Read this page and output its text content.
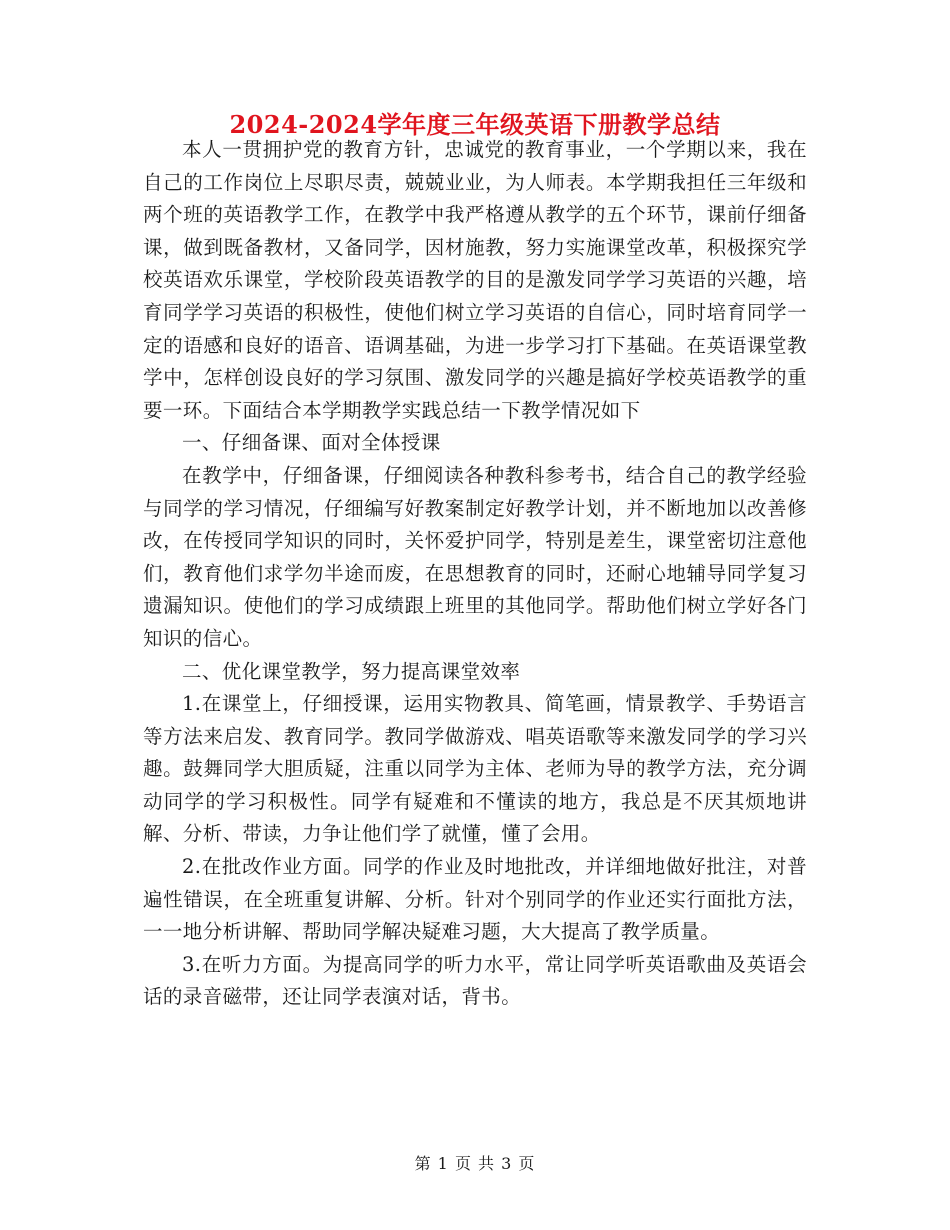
2024-2024学年度三年级英语下册教学总结

本人一贯拥护党的教育方针，忠诚党的教育事业，一个学期以来，我在自己的工作岗位上尽职尽责，兢兢业业，为人师表。本学期我担任三年级和两个班的英语教学工作，在教学中我严格遵从教学的五个环节，课前仔细备课，做到既备教材，又备同学，因材施教，努力实施课堂改革，积极探究学校英语欢乐课堂，学校阶段英语教学的目的是激发同学学习英语的兴趣，培育同学学习英语的积极性，使他们树立学习英语的自信心，同时培育同学一定的语感和良好的语音、语调基础，为进一步学习打下基础。在英语课堂教学中，怎样创设良好的学习氛围、激发同学的兴趣是搞好学校英语教学的重要一环。下面结合本学期教学实践总结一下教学情况如下

一、仔细备课、面对全体授课

在教学中，仔细备课，仔细阅读各种教科参考书，结合自己的教学经验与同学的学习情况，仔细编写好教案制定好教学计划，并不断地加以改善修改，在传授同学知识的同时，关怀爱护同学，特别是差生，课堂密切注意他们，教育他们求学勿半途而废，在思想教育的同时，还耐心地辅导同学复习遗漏知识。使他们的学习成绩跟上班里的其他同学。帮助他们树立学好各门知识的信心。

二、优化课堂教学，努力提高课堂效率

1.在课堂上，仔细授课，运用实物教具、简笔画，情景教学、手势语言等方法来启发、教育同学。教同学做游戏、唱英语歌等来激发同学的学习兴趣。鼓舞同学大胆质疑，注重以同学为主体、老师为导的教学方法，充分调动同学的学习积极性。同学有疑难和不懂读的地方，我总是不厌其烦地讲解、分析、带读，力争让他们学了就懂，懂了会用。

2.在批改作业方面。同学的作业及时地批改，并详细地做好批注，对普遍性错误，在全班重复讲解、分析。针对个别同学的作业还实行面批方法，一一地分析讲解、帮助同学解决疑难习题，大大提高了教学质量。

3.在听力方面。为提高同学的听力水平，常让同学听英语歌曲及英语会话的录音磁带，还让同学表演对话，背书。

第 1 页 共 3 页
